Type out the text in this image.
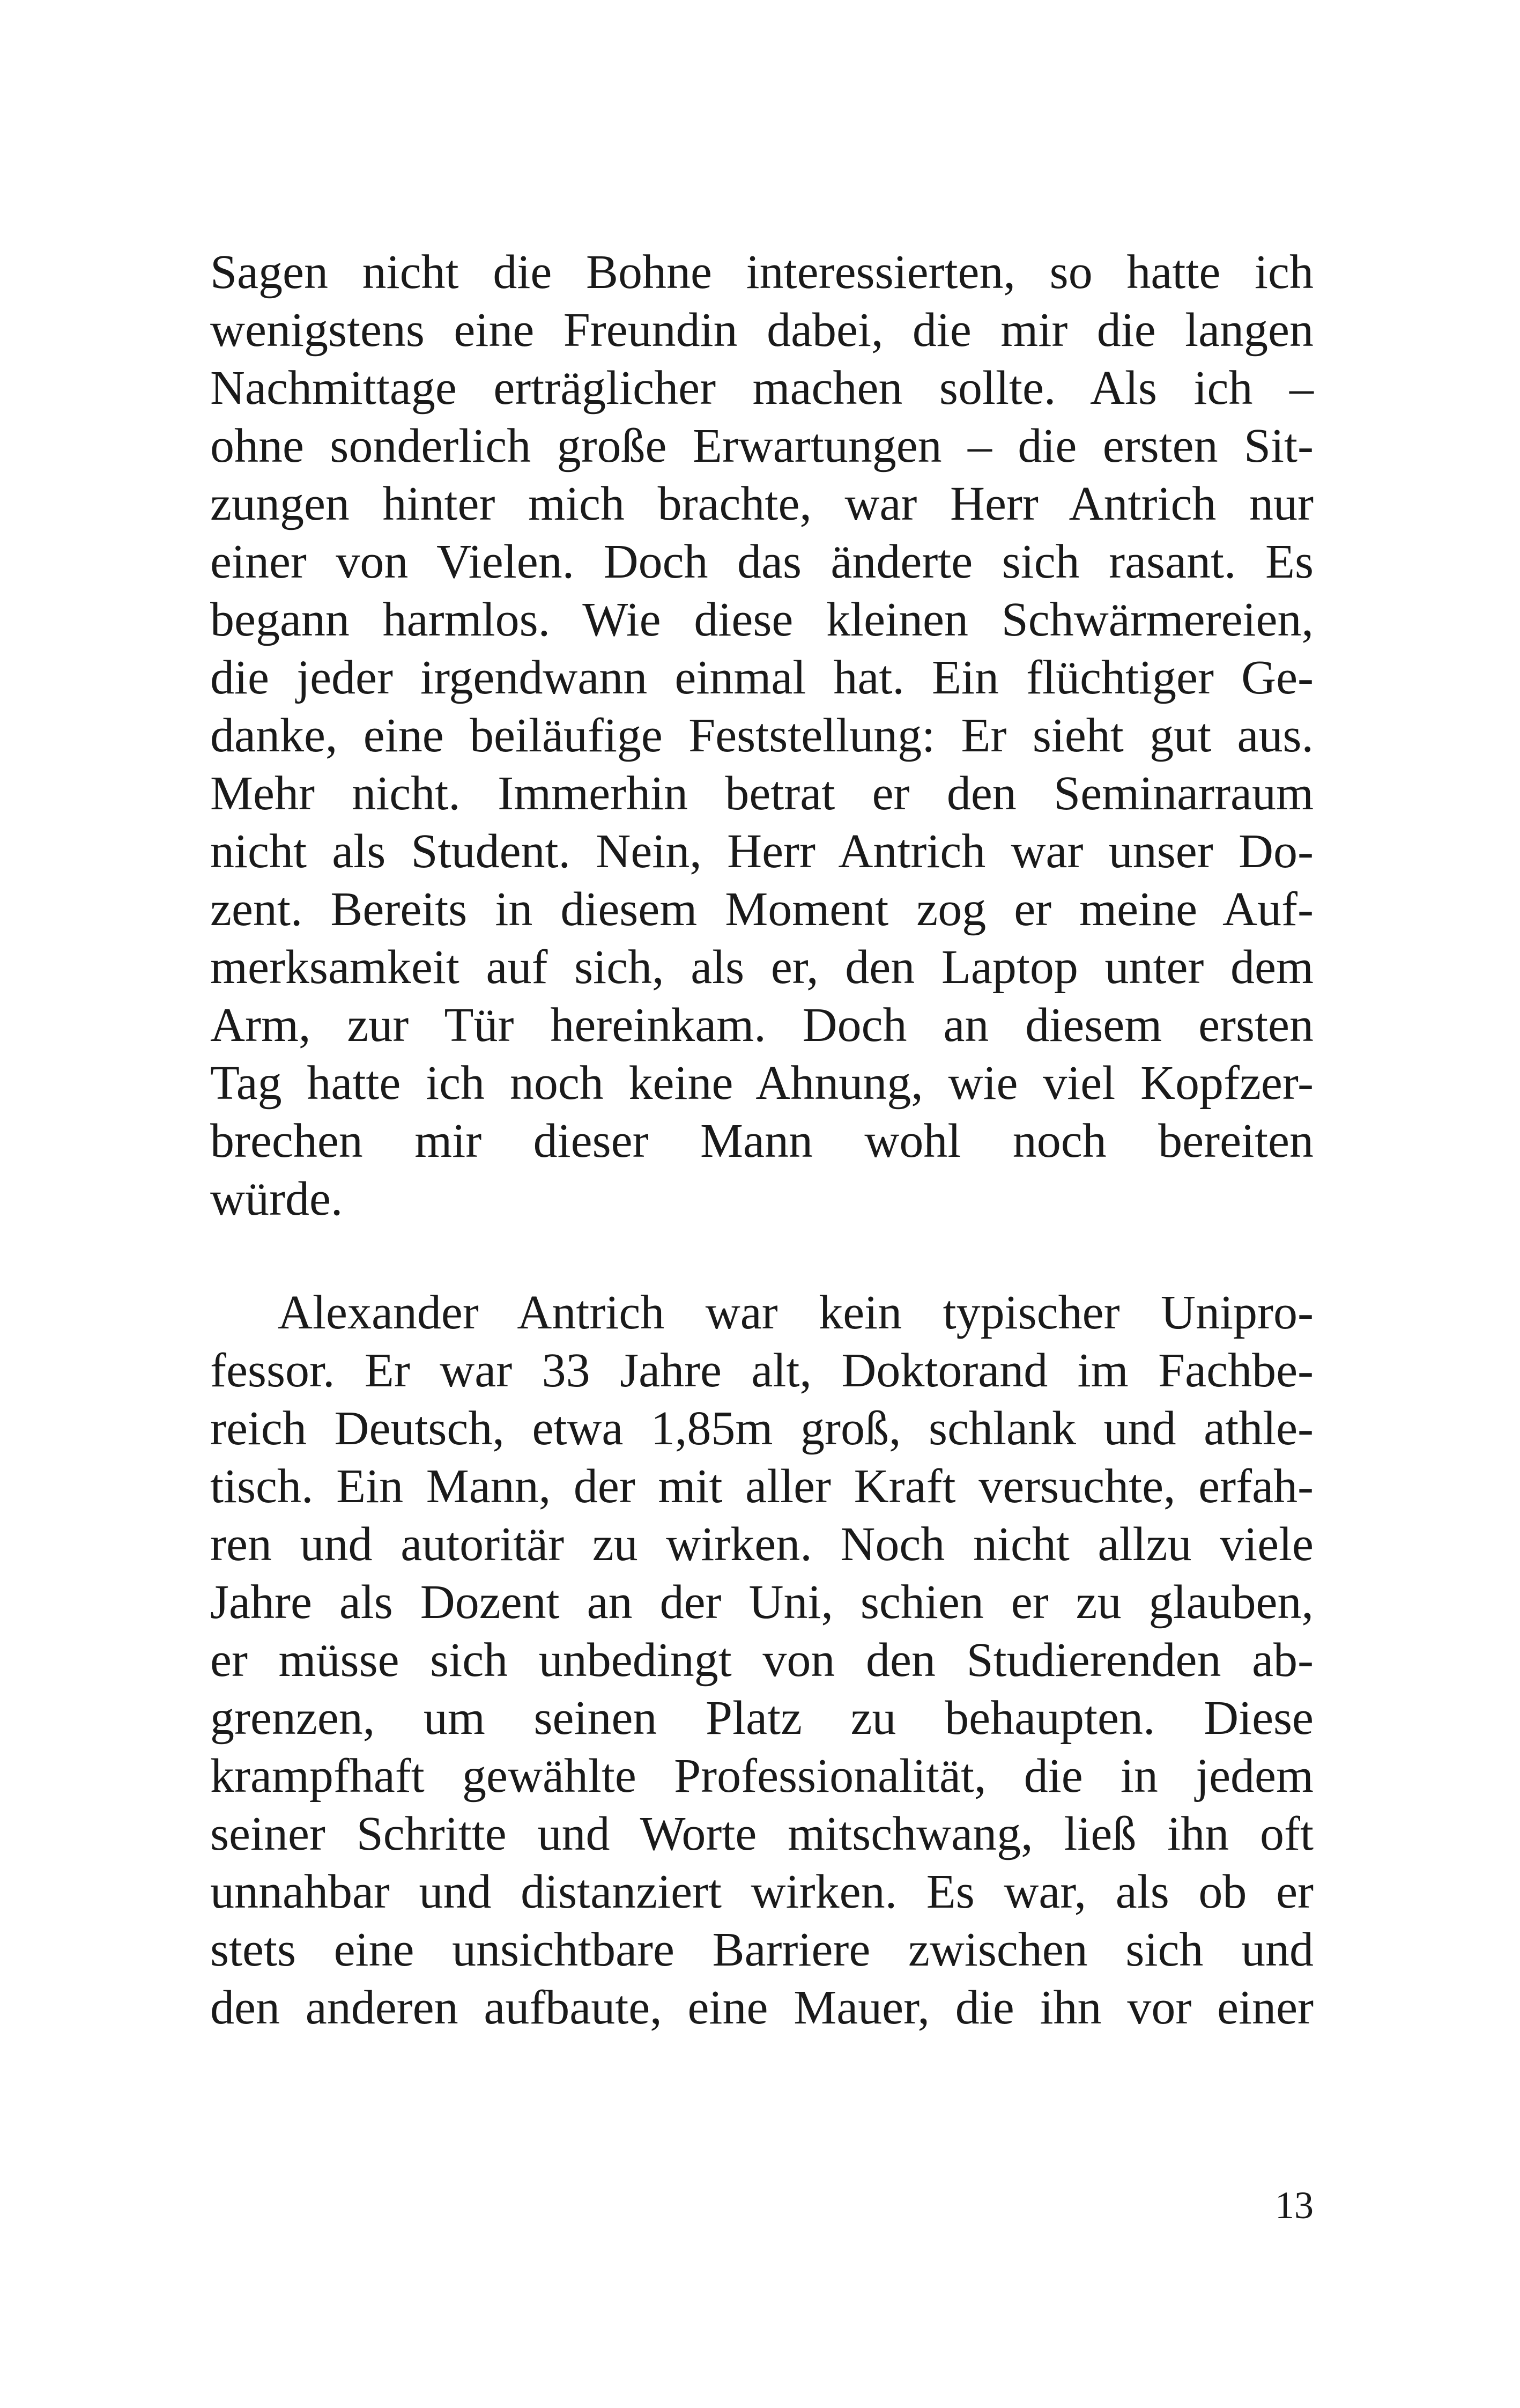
Sagen nicht die Bohne interessierten, so hatte ich
wenigstens eine Freundin dabei, die mir die langen
Nachmittage erträglicher machen sollte. Als ich –
ohne sonderlich große Erwartungen – die ersten Sit-
zungen hinter mich brachte, war Herr Antrich nur
einer von Vielen. Doch das änderte sich rasant. Es
begann harmlos. Wie diese kleinen Schwärmereien,
die jeder irgendwann einmal hat. Ein flüchtiger Ge-
danke, eine beiläufige Feststellung: Er sieht gut aus.
Mehr nicht. Immerhin betrat er den Seminarraum
nicht als Student. Nein, Herr Antrich war unser Do-
zent. Bereits in diesem Moment zog er meine Auf-
merksamkeit auf sich, als er, den Laptop unter dem
Arm, zur Tür hereinkam. Doch an diesem ersten
Tag hatte ich noch keine Ahnung, wie viel Kopfzer-
brechen mir dieser Mann wohl noch bereiten
würde.
Alexander Antrich war kein typischer Unipro-
fessor. Er war 33 Jahre alt, Doktorand im Fachbe-
reich Deutsch, etwa 1,85m groß, schlank und athle-
tisch. Ein Mann, der mit aller Kraft versuchte, erfah-
ren und autoritär zu wirken. Noch nicht allzu viele
Jahre als Dozent an der Uni, schien er zu glauben,
er müsse sich unbedingt von den Studierenden ab-
grenzen, um seinen Platz zu behaupten. Diese
krampfhaft gewählte Professionalität, die in jedem
seiner Schritte und Worte mitschwang, ließ ihn oft
unnahbar und distanziert wirken. Es war, als ob er
stets eine unsichtbare Barriere zwischen sich und
den anderen aufbaute, eine Mauer, die ihn vor einer
13
